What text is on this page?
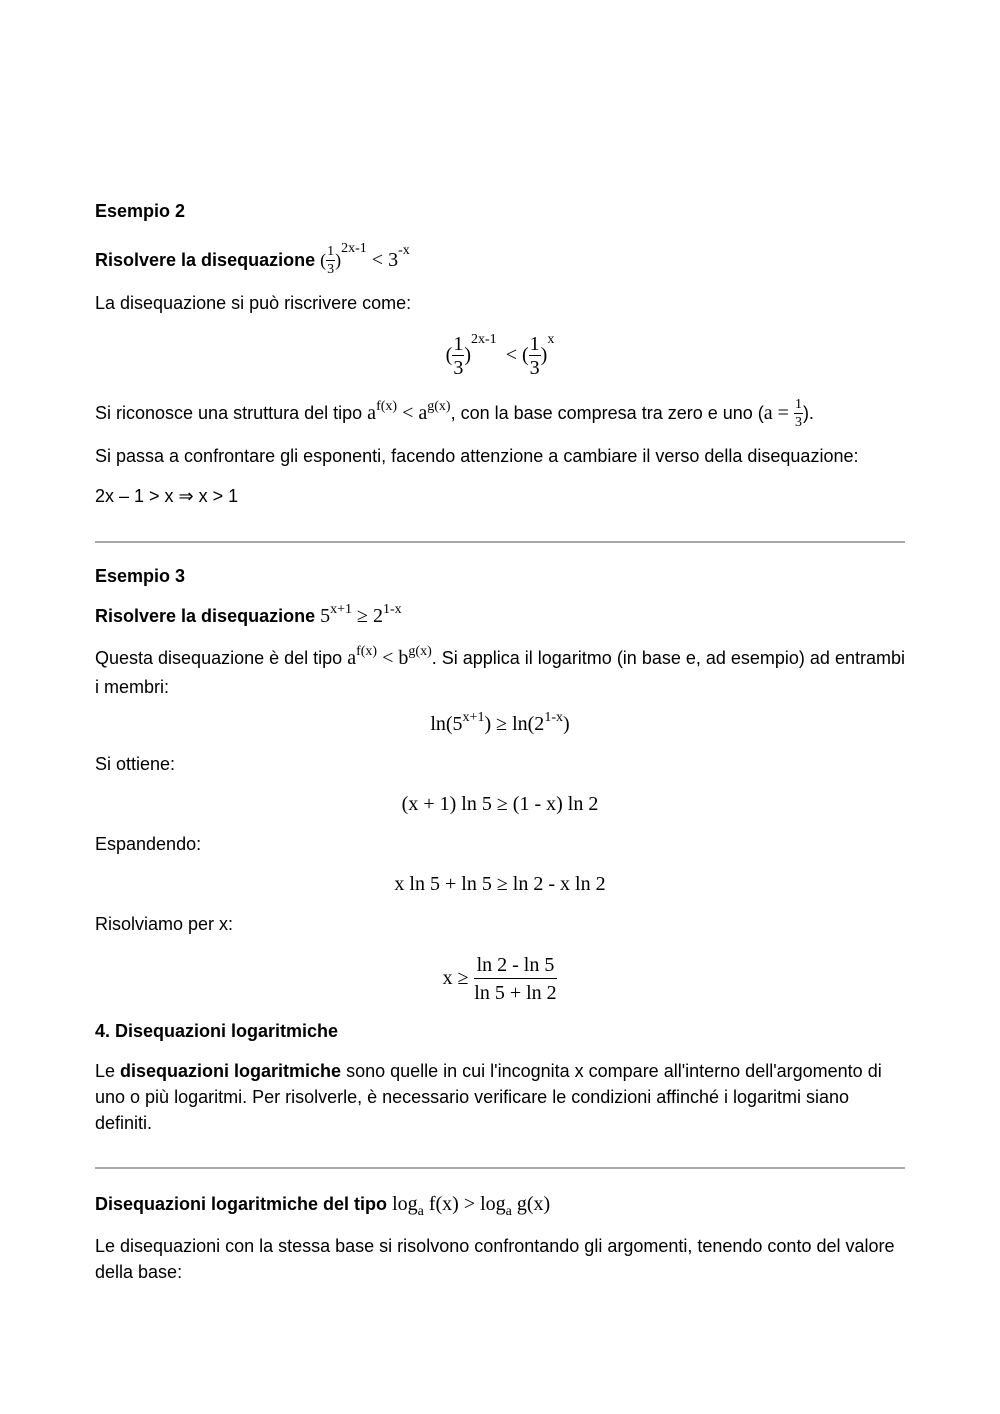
Esempio 2
Risolvere la disequazione ( $\frac{1}{3} )^{2x-1} < 3^{-x}$
La disequazione si può riscrivere come:
( $\frac{1}{3} )^{2x-1}$ < ( $\frac{1}{3} )^x$
Si riconosce una struttura del tipo $a^{f(x)} < a^{g(x)}$, con la base compresa tra zero e uno ($a = \frac{1}{3}$ ).
Si passa a confrontare gli esponenti, facendo attenzione a cambiare il verso della disequazione:
2x – 1 > x ⇒ x > 1
Esempio 3
Risolvere la disequazione $5^{x+1} \ge 2^{1-x}$
Questa disequazione è del tipo $a^{f(x)} < b^{g(x)}$. Si applica il logaritmo (in base e, ad esempio) ad entrambi i membri:
$\ln(5^{x+1}) \ge \ln(2^{1-x})$
Si ottiene:
(x + 1) ln 5 ≥ (1 - x) ln 2
Espandendo:
x ln 5 + ln 5 ≥ ln 2 - x ln 2
Risolviamo per x:
$x \ge \frac{\ln 2 - \ln 5}{\ln 5 + \ln 2}$
4. Disequazioni logaritmiche
Le disequazioni logaritmiche sono quelle in cui l'incognita x compare all'interno dell'argomento di uno o più logaritmi. Per risolverle, è necessario verificare le condizioni affinché i logaritmi siano definiti.
Disequazioni logaritmiche del tipo $\log_a f(x) > \log_a g(x)$
Le disequazioni con la stessa base si risolvono confrontando gli argomenti, tenendo conto del valore della base:
